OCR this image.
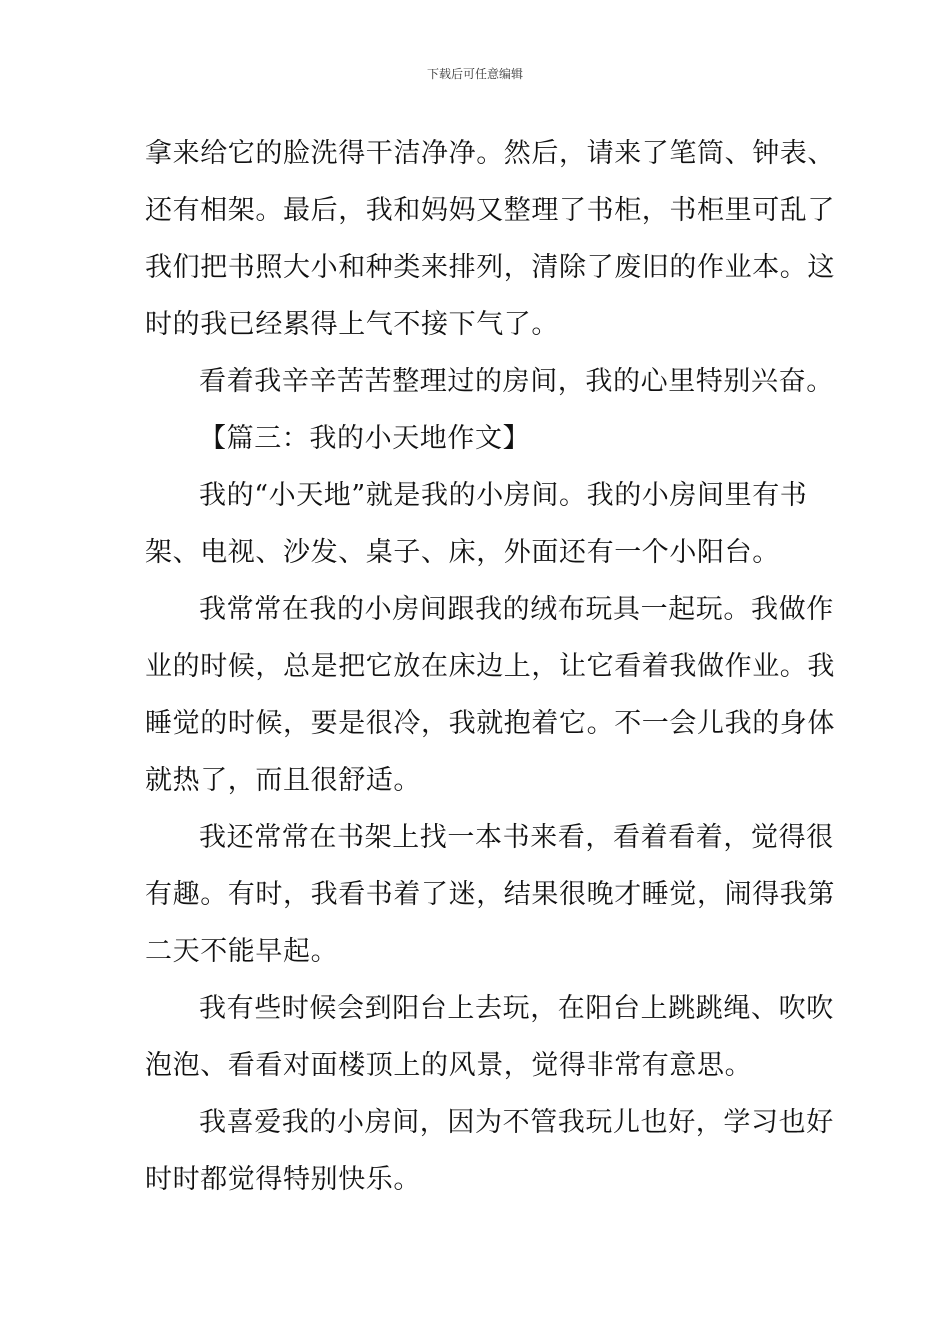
下载后可任意编辑
拿来给它的脸洗得干洁净净。然后，请来了笔筒、钟表、
还有相架。最后，我和妈妈又整理了书柜，书柜里可乱了
我们把书照大小和种类来排列，清除了废旧的作业本。这
时的我已经累得上气不接下气了。
看着我辛辛苦苦整理过的房间，我的心里特别兴奋。
【篇三：我的小天地作文】
我的“小天地”就是我的小房间。我的小房间里有书
架、电视、沙发、桌子、床，外面还有一个小阳台。
我常常在我的小房间跟我的绒布玩具一起玩。我做作
业的时候，总是把它放在床边上，让它看着我做作业。我
睡觉的时候，要是很冷，我就抱着它。不一会儿我的身体
就热了，而且很舒适。
我还常常在书架上找一本书来看，看着看着，觉得很
有趣。有时，我看书着了迷，结果很晚才睡觉，闹得我第
二天不能早起。
我有些时候会到阳台上去玩，在阳台上跳跳绳、吹吹
泡泡、看看对面楼顶上的风景，觉得非常有意思。
我喜爱我的小房间，因为不管我玩儿也好，学习也好
时时都觉得特别快乐。
